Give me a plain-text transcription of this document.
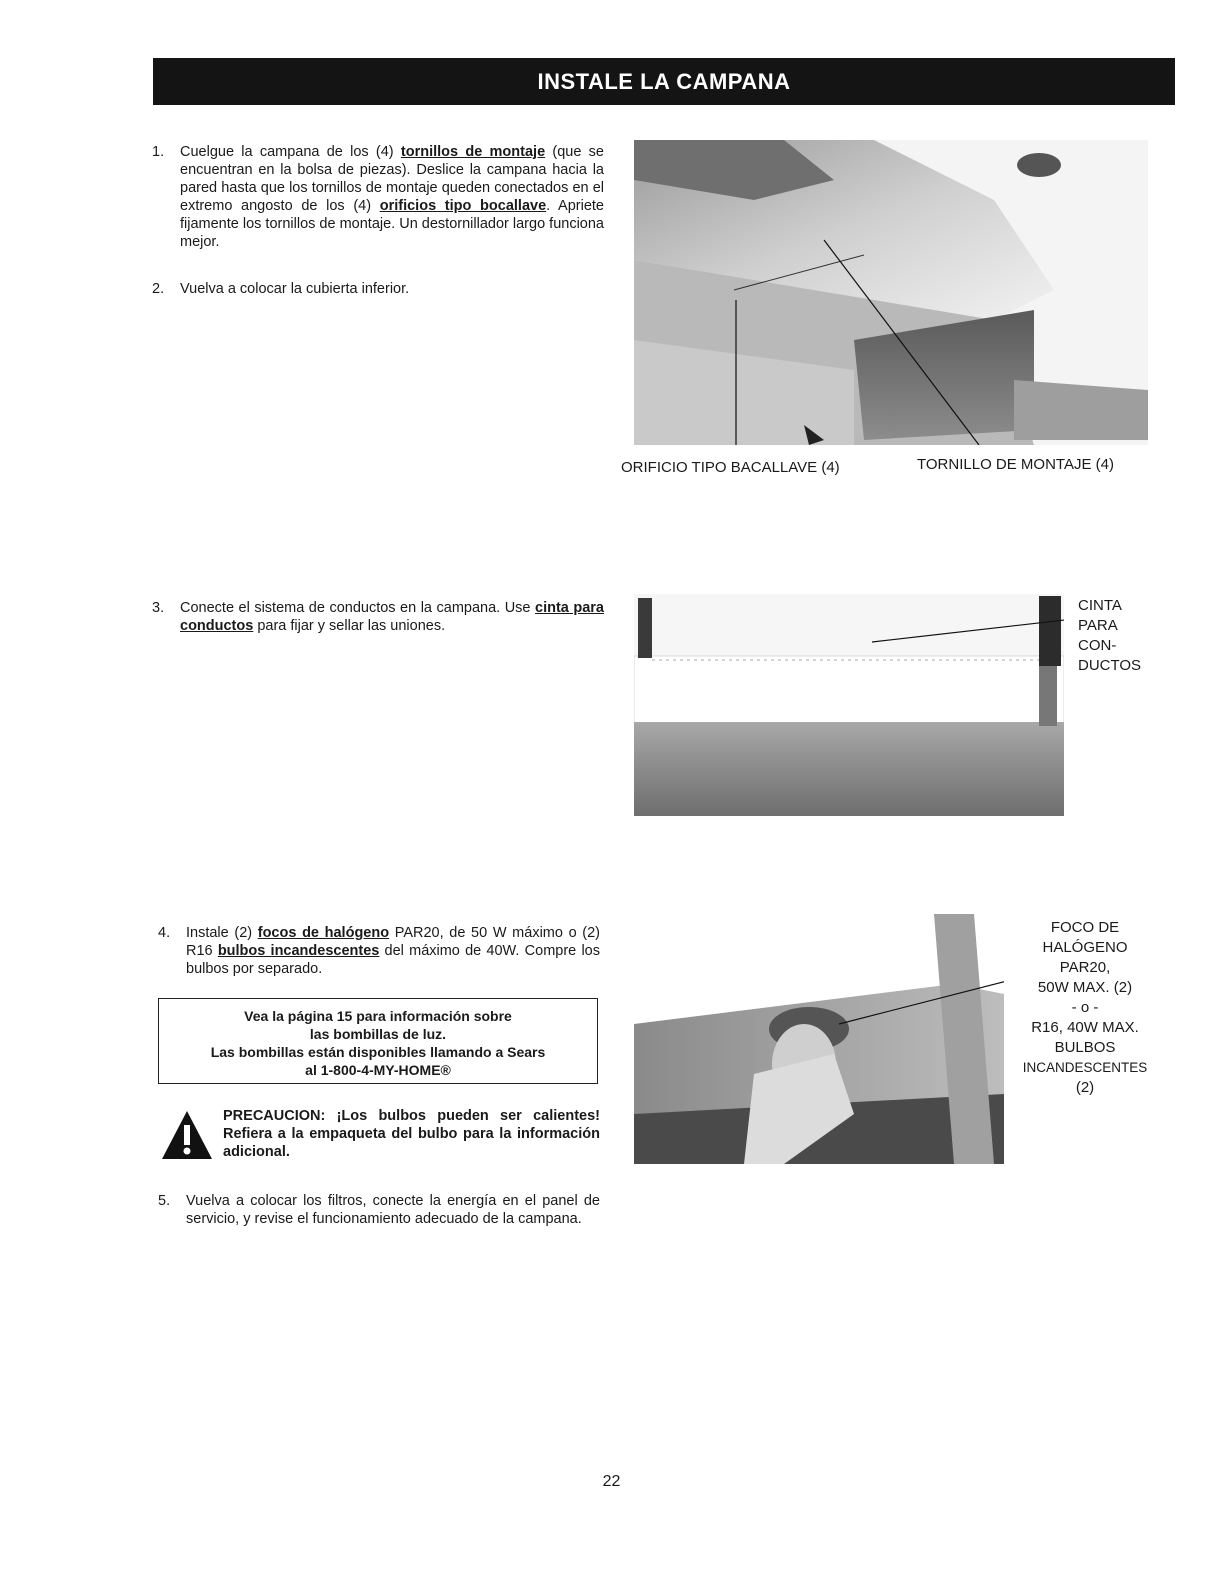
INSTALE LA CAMPANA
1.	Cuelgue la campana de los (4) tornillos de montaje (que se encuentran en la bolsa de piezas). Deslice la campana hacia la pared hasta que los tornillos de montaje queden conectados en el extremo angosto de los (4) orificios tipo bocallave. Apriete fijamente los tornillos de montaje. Un destornillador largo funciona mejor.
2.	Vuelva a colocar la cubierta inferior.
3.	Conecte el sistema de conductos en la campana. Use cinta para conductos para fijar y sellar las uniones.
4.	Instale (2) focos de halógeno PAR20, de 50 W máximo o (2) R16 bulbos incandescentes del máximo de 40W. Compre los bulbos por separado.
Vea la página 15 para información sobre
las bombillas de luz.
Las bombillas están disponibles llamando a Sears
al 1-800-4-MY-HOME®
PRECAUCION: ¡Los bulbos pueden ser calientes! Refiera a la empaqueta del bulbo para la información adicional.
5.	Vuelva a colocar los filtros, conecte la energía en el panel de servicio, y revise el funcionamiento adecuado de la campana.
ORIFICIO TIPO BACALLAVE (4)	TORNILLO DE MONTAJE (4)
CINTA
PARA
CON-
DUCTOS
FOCO DE
HALÓGENO
PAR20,
50W MAX. (2)
- o -
R16, 40W MAX.
BULBOS
INCANDESCENTES
(2)
22
